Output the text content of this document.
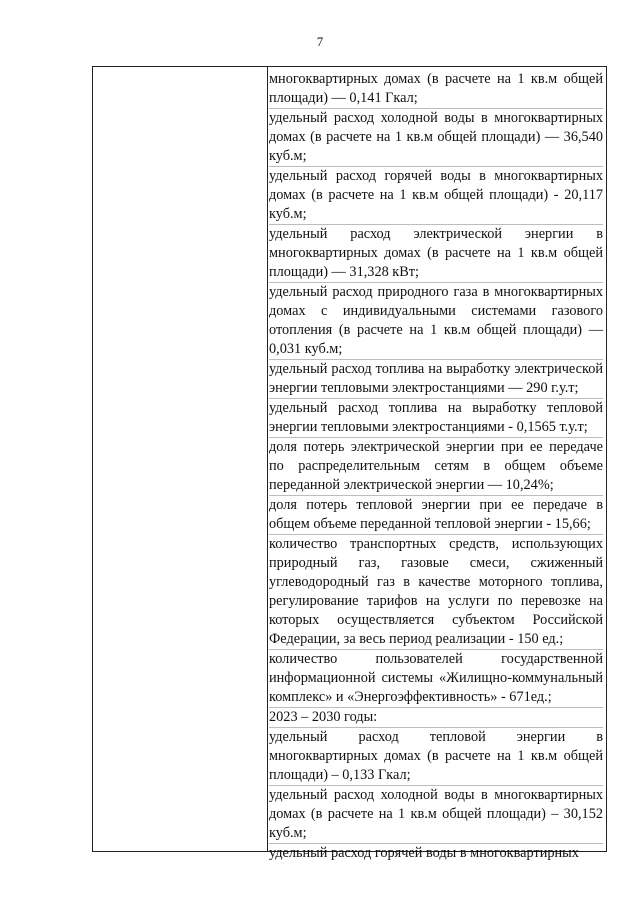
7
многоквартирных домах (в расчете на 1 кв.м общей площади) — 0,141 Гкал;
удельный расход холодной воды в многоквартирных домах (в расчете на 1 кв.м общей площади) — 36,540 куб.м;
удельный расход горячей воды в многоквартирных домах (в расчете на 1 кв.м общей площади) - 20,117 куб.м;
удельный расход электрической энергии в многоквартирных домах (в расчете на 1 кв.м общей площади) — 31,328 кВт;
удельный расход природного газа в многоквартирных домах с индивидуальными системами газового отопления (в расчете на 1 кв.м общей площади) — 0,031 куб.м;
удельный расход топлива на выработку электрической энергии тепловыми электростанциями — 290 г.у.т;
удельный расход топлива на выработку тепловой энергии тепловыми электростанциями - 0,1565 т.у.т;
доля потерь электрической энергии при ее передаче по распределительным сетям в общем объеме переданной электрической энергии — 10,24%;
доля потерь тепловой энергии при ее передаче в общем объеме переданной тепловой энергии - 15,66;
количество транспортных средств, использующих природный газ, газовые смеси, сжиженный углеводородный газ в качестве моторного топлива, регулирование тарифов на услуги по перевозке на которых осуществляется субъектом Российской Федерации, за весь период реализации - 150 ед.;
количество пользователей государственной информационной системы «Жилищно-коммунальный комплекс» и «Энергоэффективность» - 671ед.;
2023 – 2030 годы:
удельный расход тепловой энергии в многоквартирных домах (в расчете на 1 кв.м общей площади) – 0,133 Гкал;
удельный расход холодной воды в многоквартирных домах (в расчете на 1 кв.м общей площади) – 30,152 куб.м;
удельный расход горячей воды в многоквартирных
